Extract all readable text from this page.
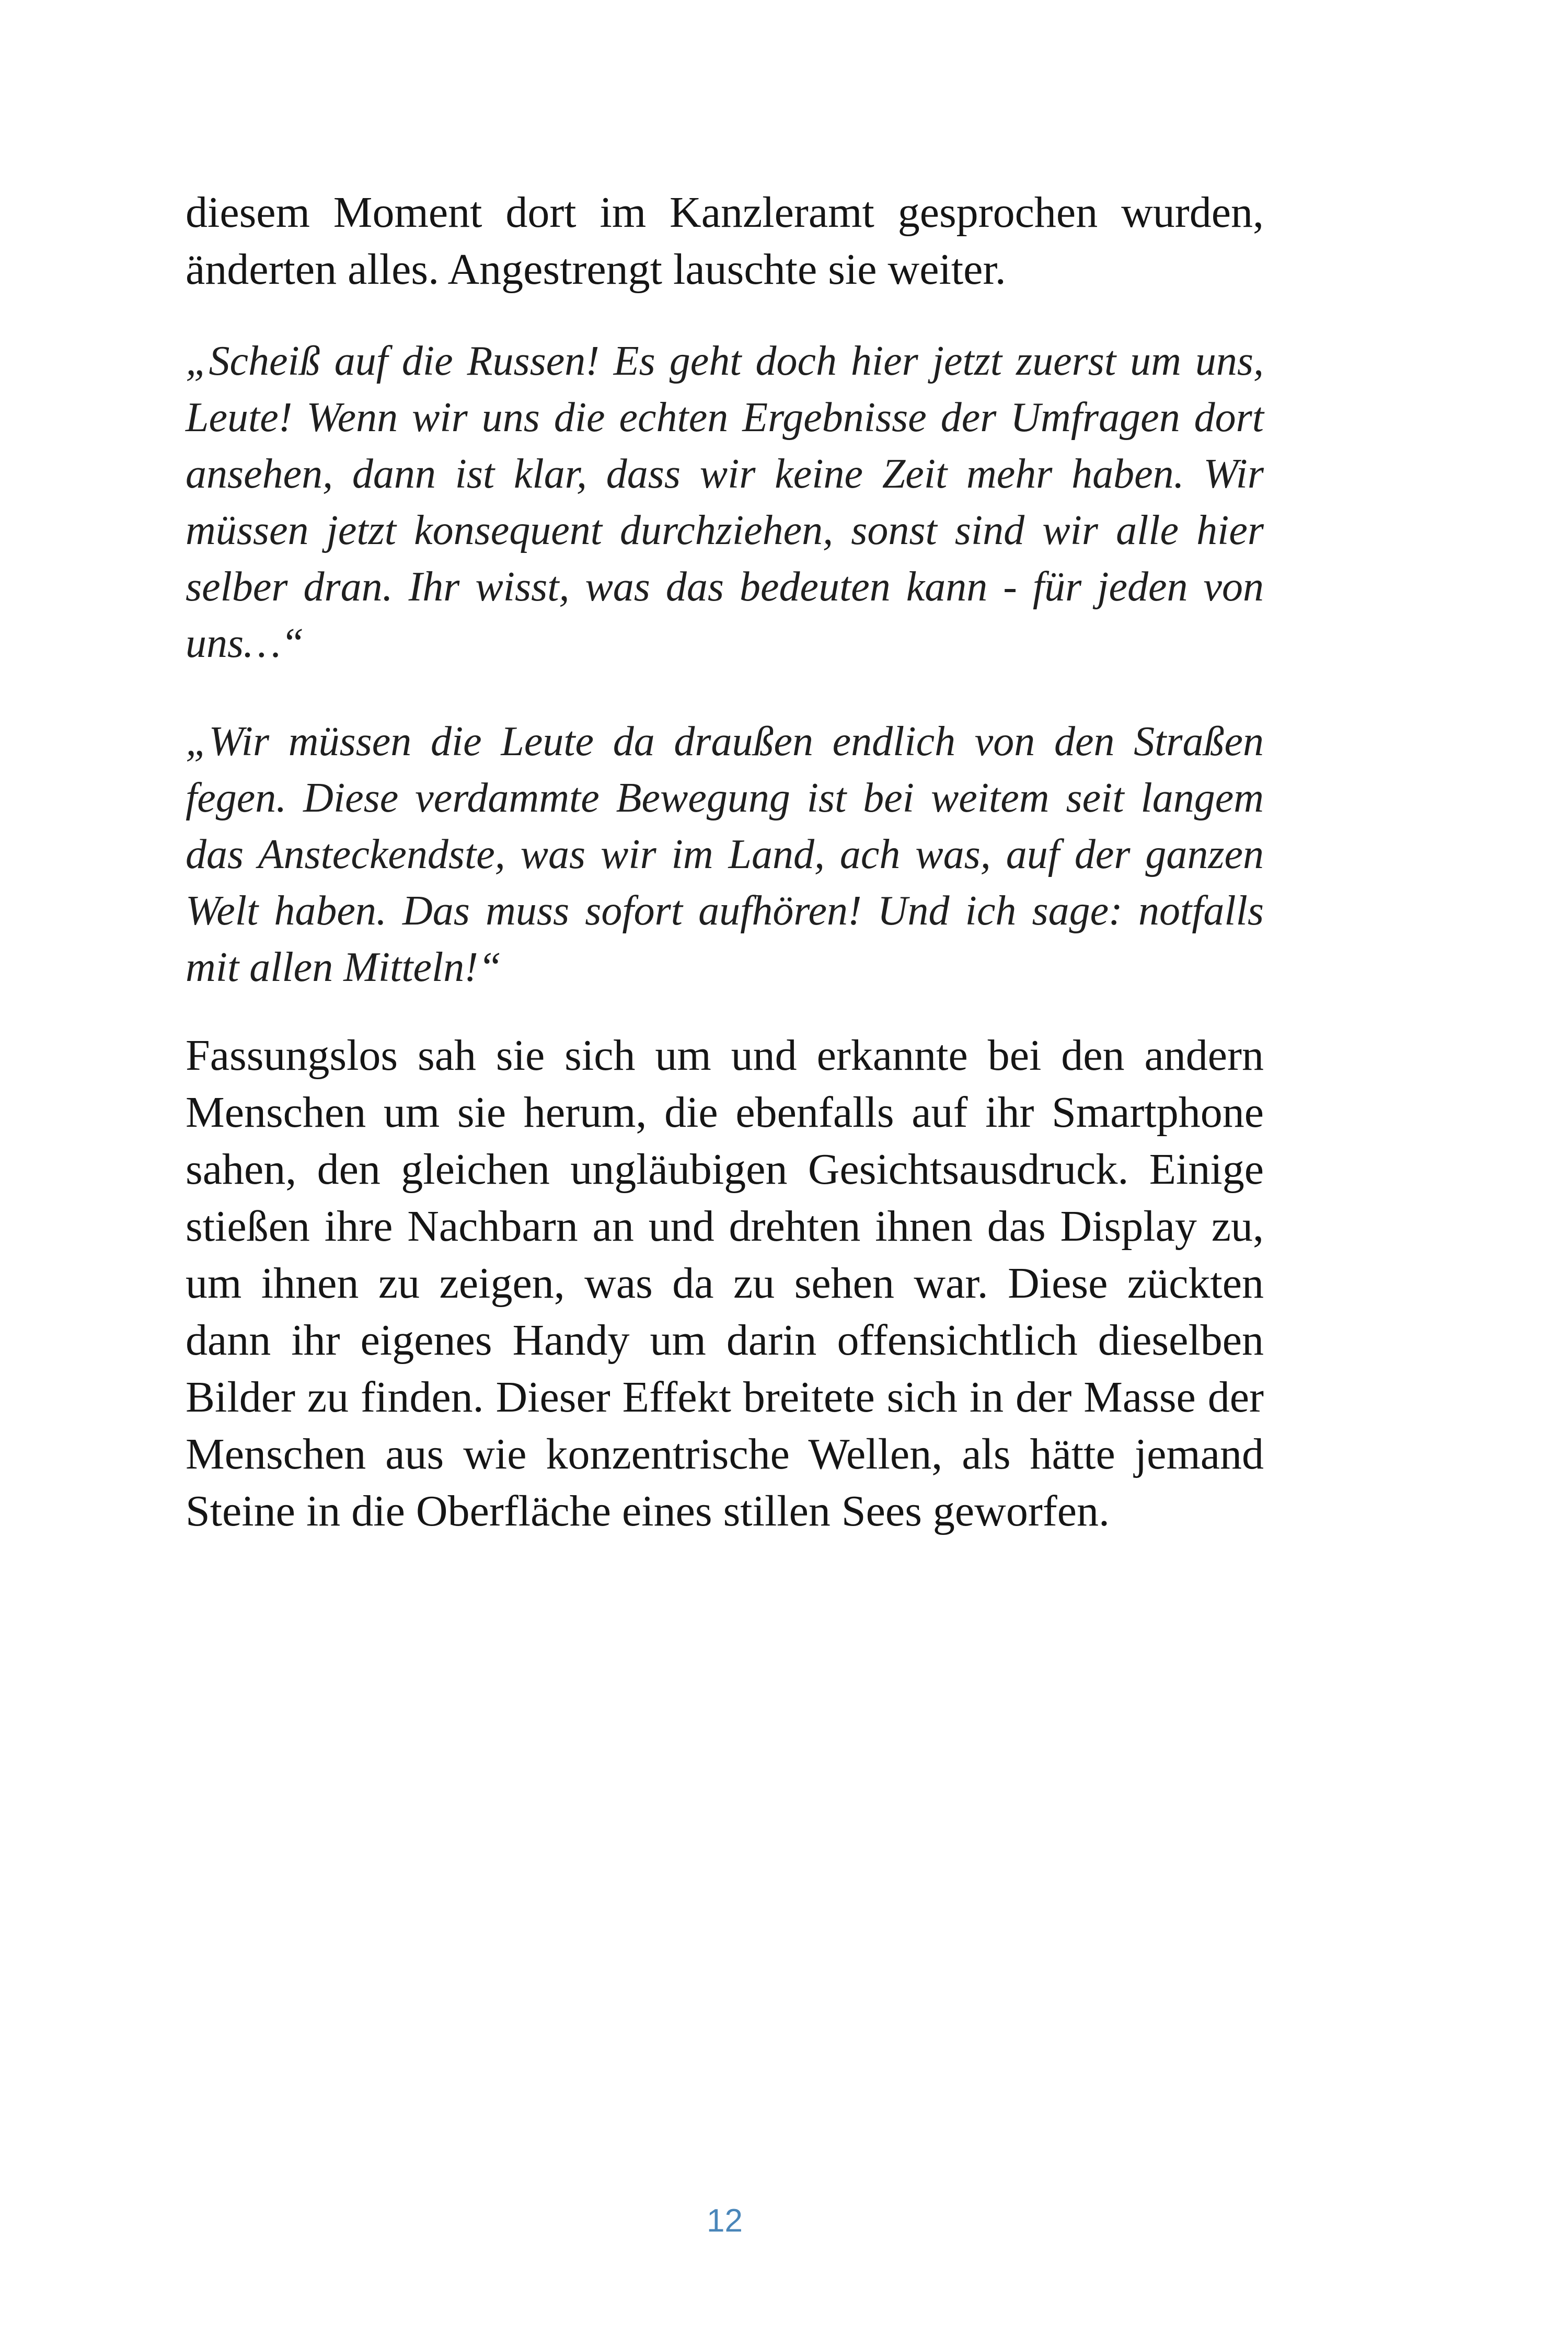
diesem Moment dort im Kanzleramt gesprochen wurden, änderten alles. Angestrengt lauschte sie weiter.

„Scheiß auf die Russen! Es geht doch hier jetzt zuerst um uns, Leute! Wenn wir uns die echten Ergebnisse der Umfragen dort ansehen, dann ist klar, dass wir keine Zeit mehr haben. Wir müssen jetzt konsequent durchziehen, sonst sind wir alle hier selber dran. Ihr wisst, was das bedeuten kann - für jeden von uns…“

„Wir müssen die Leute da draußen endlich von den Straßen fegen. Diese verdammte Bewegung ist bei weitem seit langem das Ansteckendste, was wir im Land, ach was, auf der ganzen Welt haben. Das muss sofort aufhören! Und ich sage: notfalls mit allen Mitteln!“

Fassungslos sah sie sich um und erkannte bei den andern Menschen um sie herum, die ebenfalls auf ihr Smartphone sahen, den gleichen ungläubigen Gesichtsausdruck. Einige stießen ihre Nachbarn an und drehten ihnen das Display zu, um ihnen zu zeigen, was da zu sehen war. Diese zückten dann ihr eigenes Handy um darin offensichtlich dieselben Bilder zu finden. Dieser Effekt breitete sich in der Masse der Menschen aus wie konzentrische Wellen, als hätte jemand Steine in die Oberfläche eines stillen Sees geworfen.

12
